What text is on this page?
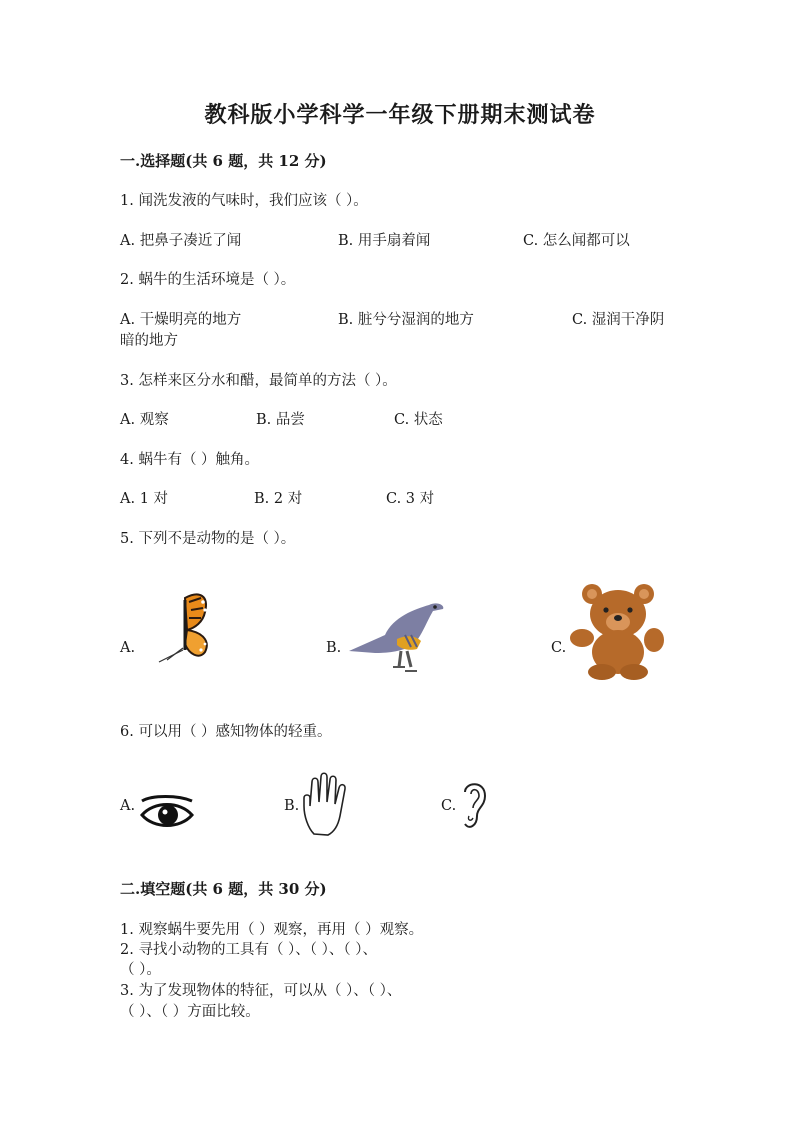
教科版小学科学一年级下册期末测试卷
一.选择题(共 6 题，共 12 分)
1. 闻洗发液的气味时，我们应该（ ）。
A. 把鼻子凑近了闻	B. 用手扇着闻	C. 怎么闻都可以
2. 蜗牛的生活环境是（ ）。
A. 干燥明亮的地方	B. 脏兮兮湿润的地方	C. 湿润干净阴
暗的地方
3. 怎样来区分水和醋，最简单的方法（ ）。
A. 观察	B. 品尝	C. 状态
4. 蜗牛有（ ）触角。
A. 1 对	B. 2 对	C. 3 对
5. 下列不是动物的是（ ）。
A.	B.	C.
6. 可以用（ ）感知物体的轻重。
A.	B.	C.
二.填空题(共 6 题，共 30 分)
1. 观察蜗牛要先用（ ）观察，再用（ ）观察。
2. 寻找小动物的工具有（ ）、（ ）、（ ）、
（ ）。
3. 为了发现物体的特征，可以从（ ）、（ ）、
（ ）、（ ）方面比较。
